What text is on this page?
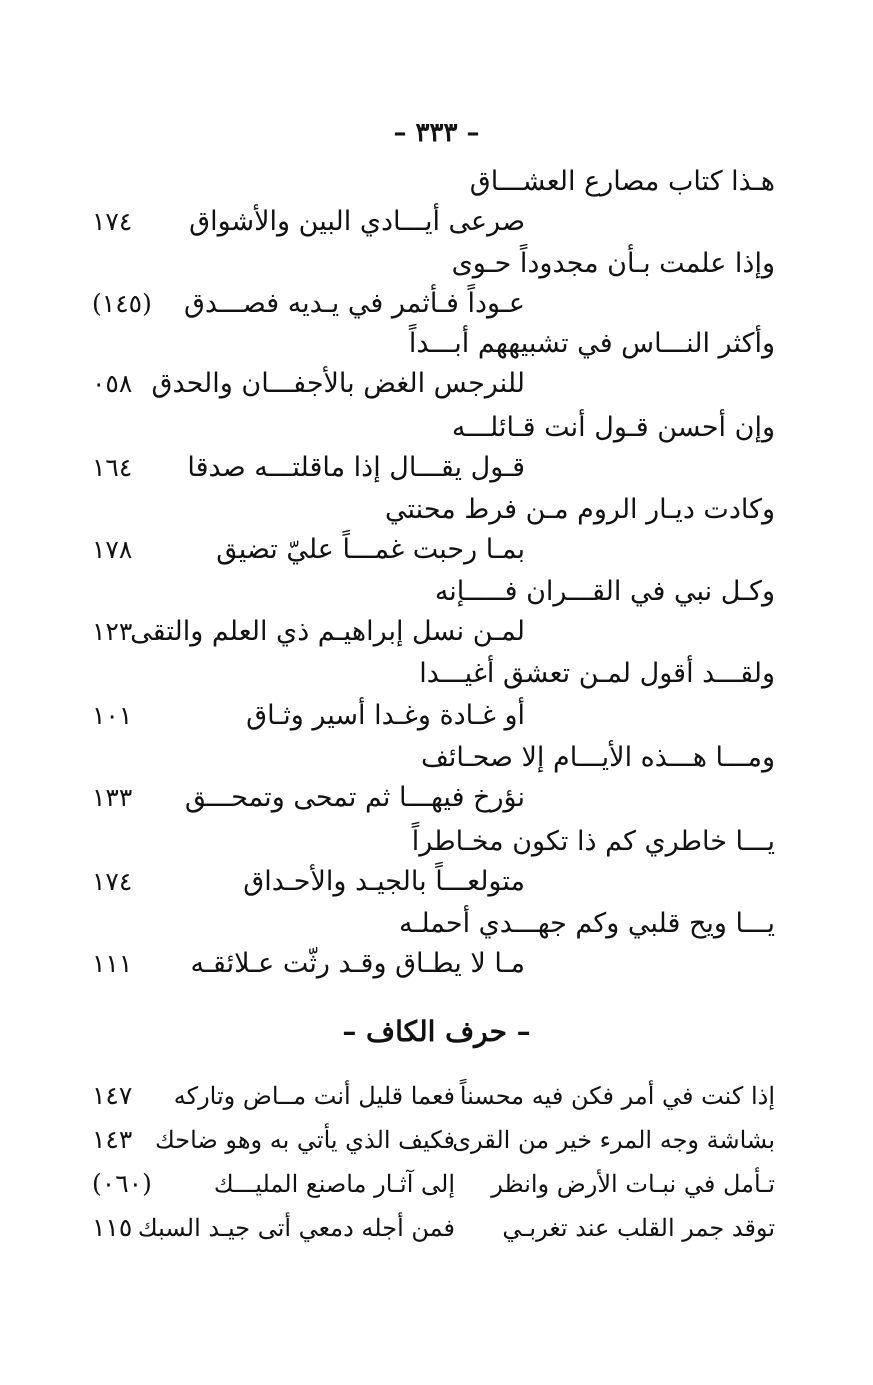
– ٣٣٣ –
هـذا كتاب مصارع العشـــاق
صرعى أيـــادي البين والأشواق
١٧٤
وإذا علمت بـأن مجدوداً حـوى
عـوداً فـأثمر في يـديه فصـــدق
(١٤٥)
وأكثر النـــاس في تشبيههم أبـــداً
للنرجس الغض بالأجفـــان والحدق
٠٥٨
وإن أحسن قـول أنت قـائلـــه
قـول يقـــال إذا ماقلتـــه صدقا
١٦٤
وكادت ديـار الروم مـن فرط محنتي
بمـا رحبت غمـــاً عليّ تضيق
١٧٨
وكـل نبي في القـــران فـــــإنه
لمـن نسل إبراهيـم ذي العلم والتقى
١٢٣
ولقـــد أقول لمـن تعشق أغيـــدا
أو غـادة وغـدا أسير وثـاق
١٠١
ومـــا هـــذه الأيـــام إلا صحـائف
نؤرخ فيهـــا ثم تمحى وتمحـــق
١٣٣
يـــا خاطري كم ذا تكون مخـاطراً
متولعـــاً بالجيـد والأحـداق
١٧٤
يـــا ويح قلبي وكم جهـــدي أحملـه
مـا لا يطـاق وقـد رثّت عـلائقـه
١١١
– حرف الكاف –
إذا كنت في أمر فكن فيه محسناً
فعما قليل أنت مــاض وتاركه
١٤٧
بشاشة وجه المرء خير من القرى
فكيف الذي يأتي به وهو ضاحك
١٤٣
تـأمل في نبـات الأرض وانظر
إلى آثـار ماصنع المليـــك
(٠٦٠)
توقد جمر القلب عند تغربـي
فمن أجله دمعي أتى جيـد السبك
١١٥
